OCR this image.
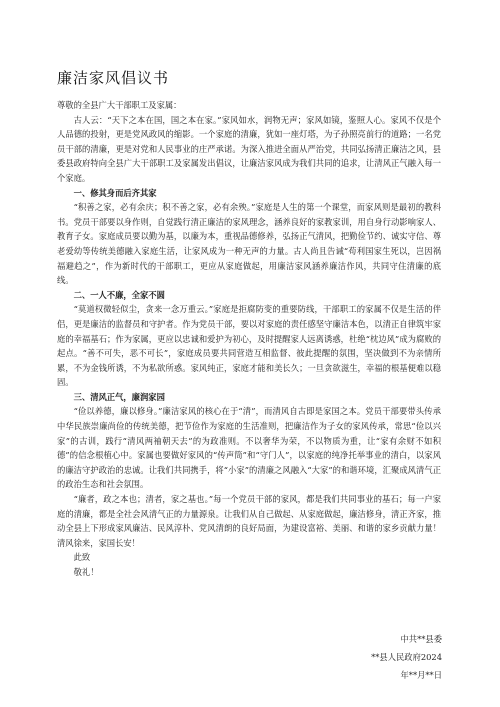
廉洁家风倡议书

尊敬的全县广大干部职工及家属：

古人云：“天下之本在国，国之本在家。”家风如水，润物无声；家风如镜，鉴照人心。家风不仅是个人品德的投射，更是党风政风的缩影。一个家庭的清廉，犹如一座灯塔，为子孙照亮前行的道路；一名党员干部的清廉，更是对党和人民事业的庄严承诺。为深入推进全面从严治党，共同弘扬清正廉洁之风，县委县政府特向全县广大干部职工及家属发出倡议，让廉洁家风成为我们共同的追求，让清风正气融入每一个家庭。

一、修其身而后齐其家

“积善之家，必有余庆；积不善之家，必有余殃。”家庭是人生的第一个课堂，而家风则是最初的教科书。党员干部要以身作则，自觉践行清正廉洁的家风理念，涵养良好的家教家训，用自身行动影响家人、教育子女。家庭成员要以勤为基，以廉为本，重视品德修养，弘扬正气清风，把勤俭节约、诚实守信、尊老爱幼等传统美德融入家庭生活，让家风成为一种无声的力量。古人尚且告诫“苟利国家生死以，岂因祸福避趋之”，作为新时代的干部职工，更应从家庭做起，用廉洁家风涵养廉洁作风，共同守住清廉的底线。

二、一人不廉，全家不圆

“莫道权微轻似尘，贪来一念万重云。”家庭是拒腐防变的重要防线，干部职工的家属不仅是生活的伴侣，更是廉洁的监督员和守护者。作为党员干部，要以对家庭的责任感坚守廉洁本色，以清正自律筑牢家庭的幸福基石；作为家属，更应以忠诚和爱护为初心，及时提醒家人远离诱惑，杜绝“枕边风”成为腐败的起点。“善不可失，恶不可长”，家庭成员要共同营造互相监督、彼此提醒的氛围，坚决做到不为亲情所累，不为金钱所诱，不为私欲所惑。家风纯正，家庭才能和美长久；一旦贪欲滋生，幸福的根基便难以稳固。

三、清风正气，廉润家园

“俭以养德，廉以修身。”廉洁家风的核心在于“清”，而清风自古即是家国之本。党员干部要带头传承中华民族崇廉尚俭的传统美德，把节俭作为家庭的生活准则，把廉洁作为子女的家风传承，常思“俭以兴家”的古训，践行“清风两袖朝天去”的为政准则。不以奢华为荣，不以物质为重，让“家有余财不如积德”的信念根植心中。家属也要做好家风的“传声筒”和“守门人”，以家庭的纯净托举事业的清白，以家风的廉洁守护政治的忠诚。让我们共同携手，将“小家”的清廉之风融入“大家”的和谐环境，汇聚成风清气正的政治生态和社会氛围。

“廉者，政之本也；清者，家之基也。”每一个党员干部的家风，都是我们共同事业的基石；每一户家庭的清廉，都是全社会风清气正的力量源泉。让我们从自己做起、从家庭做起，廉洁修身，清正齐家，推动全县上下形成家风廉洁、民风淳朴、党风清朗的良好局面，为建设富裕、美丽、和谐的家乡贡献力量！清风徐来，家国长安！

此致

敬礼！

中共**县委
**县人民政府2024
年**月**日
